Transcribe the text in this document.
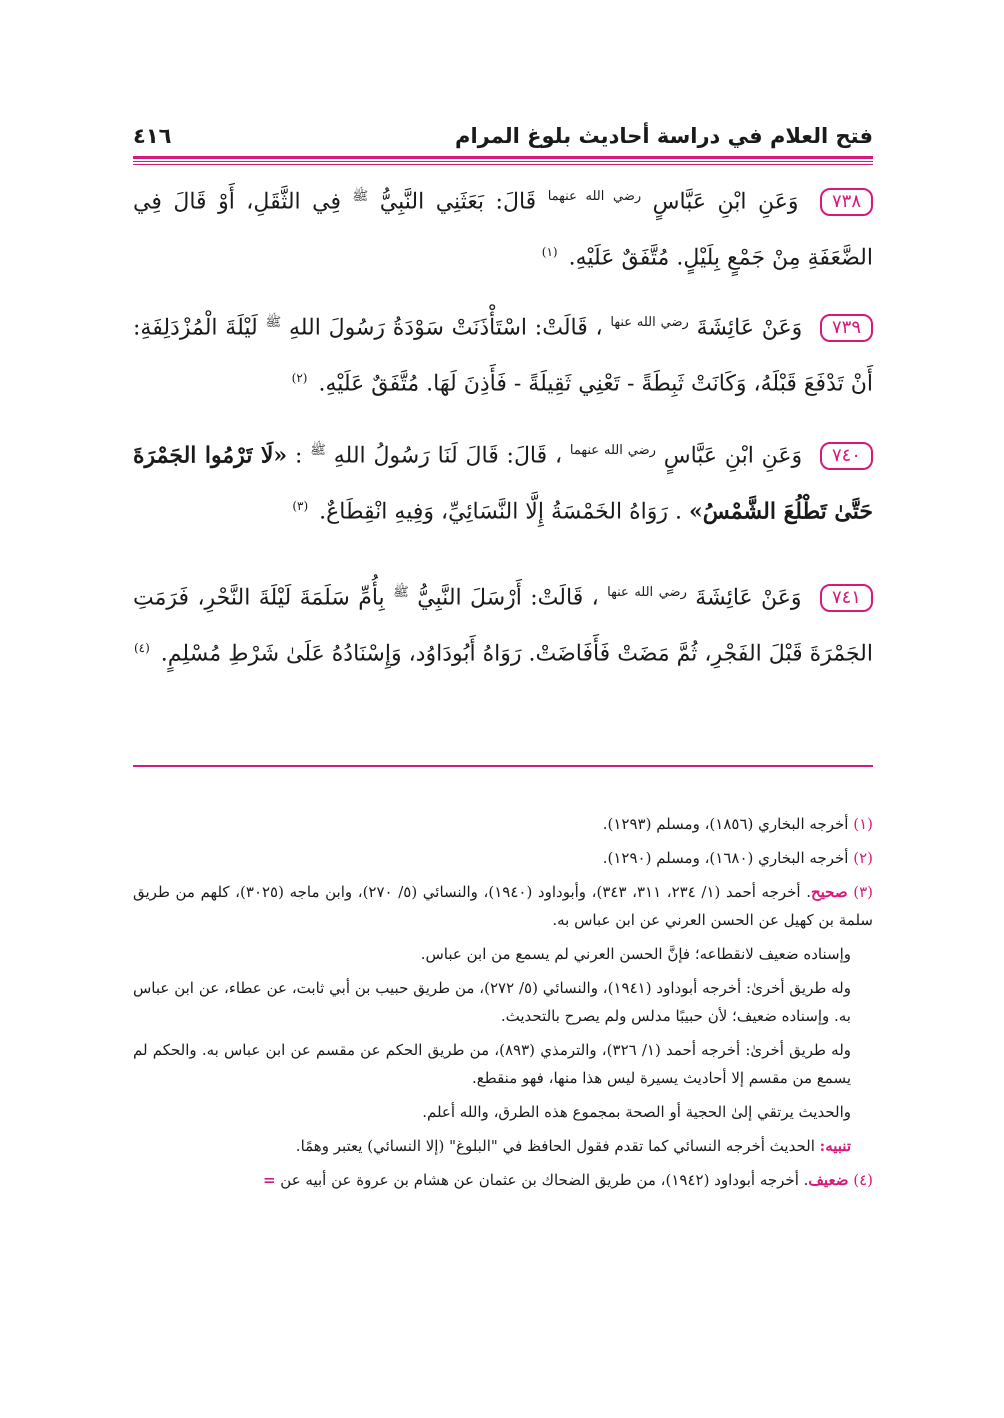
فتح العلام في دراسة أحاديث بلوغ المرام
٤١٦
٧٣٨ وَعَنِ ابْنِ عَبَّاسٍ $^{رضي الله عنهما}$ قَالَ: بَعَثَنِي النَّبِيُّ $^ﷺ$ فِي الثَّقَلِ، أَوْ قَالَ فِي الضَّعَفَةِ مِنْ جَمْعٍ بِلَيْلٍ. مُتَّفَقٌ عَلَيْهِ. $^{(١)}$
٧٣٩ وَعَنْ عَائِشَةَ $^{رضي الله عنها}$ ، قَالَتْ: اسْتَأْذَنَتْ سَوْدَةُ رَسُولَ اللهِ $^ﷺ$ لَيْلَةَ الْمُزْدَلِفَةِ: أَنْ تَدْفَعَ قَبْلَهُ، وَكَانَتْ ثَبِطَةً - تَعْنِي ثَقِيلَةً - فَأَذِنَ لَهَا. مُتَّفَقٌ عَلَيْهِ. $^{(٢)}$
٧٤٠ وَعَنِ ابْنِ عَبَّاسٍ $^{رضي الله عنهما}$ ، قَالَ: قَالَ لَنَا رَسُولُ اللهِ $^ﷺ$ : «لَا تَرْمُوا الجَمْرَةَ حَتَّىٰ تَطْلُعَ الشَّمْسُ» . رَوَاهُ الخَمْسَةُ إِلَّا النَّسَائِيِّ، وَفِيهِ انْقِطَاعٌ. $^{(٣)}$
٧٤١ وَعَنْ عَائِشَةَ $^{رضي الله عنها}$ ، قَالَتْ: أَرْسَلَ النَّبِيُّ $^ﷺ$ بِأُمِّ سَلَمَةَ لَيْلَةَ النَّحْرِ، فَرَمَتِ الجَمْرَةَ قَبْلَ الفَجْرِ، ثُمَّ مَضَتْ فَأَفَاضَتْ. رَوَاهُ أَبُودَاوُد، وَإِسْنَادُهُ عَلَىٰ شَرْطِ مُسْلِمٍ. $^{(٤)}$

(١) أخرجه البخاري (١٨٥٦)، ومسلم (١٢٩٣).

(٢) أخرجه البخاري (١٦٨٠)، ومسلم (١٢٩٠).

(٣) صحيح. أخرجه أحمد (١/ ٢٣٤، ٣١١، ٣٤٣)، وأبوداود (١٩٤٠)، والنسائي (٥/ ٢٧٠)، وابن ماجه (٣٠٢٥)، كلهم من طريق سلمة بن كهيل عن الحسن العرني عن ابن عباس به.

وإسناده ضعيف لانقطاعه؛ فإنَّ الحسن العرني لم يسمع من ابن عباس.

وله طريق أخرىٰ: أخرجه أبوداود (١٩٤١)، والنسائي (٥/ ٢٧٢)، من طريق حبيب بن أبي ثابت، عن عطاء، عن ابن عباس به. وإسناده ضعيف؛ لأن حبيبًا مدلس ولم يصرح بالتحديث.

وله طريق أخرىٰ: أخرجه أحمد (١/ ٣٢٦)، والترمذي (٨٩٣)، من طريق الحكم عن مقسم عن ابن عباس به. والحكم لم يسمع من مقسم إلا أحاديث يسيرة ليس هذا منها، فهو منقطع.

والحديث يرتقي إلىٰ الحجية أو الصحة بمجموع هذه الطرق، والله أعلم.

تنبيه: الحديث أخرجه النسائي كما تقدم فقول الحافظ في "البلوغ" (إلا النسائي) يعتبر وهمًا.

(٤) ضعيف. أخرجه أبوداود (١٩٤٢)، من طريق الضحاك بن عثمان عن هشام بن عروة عن أبيه عن =
